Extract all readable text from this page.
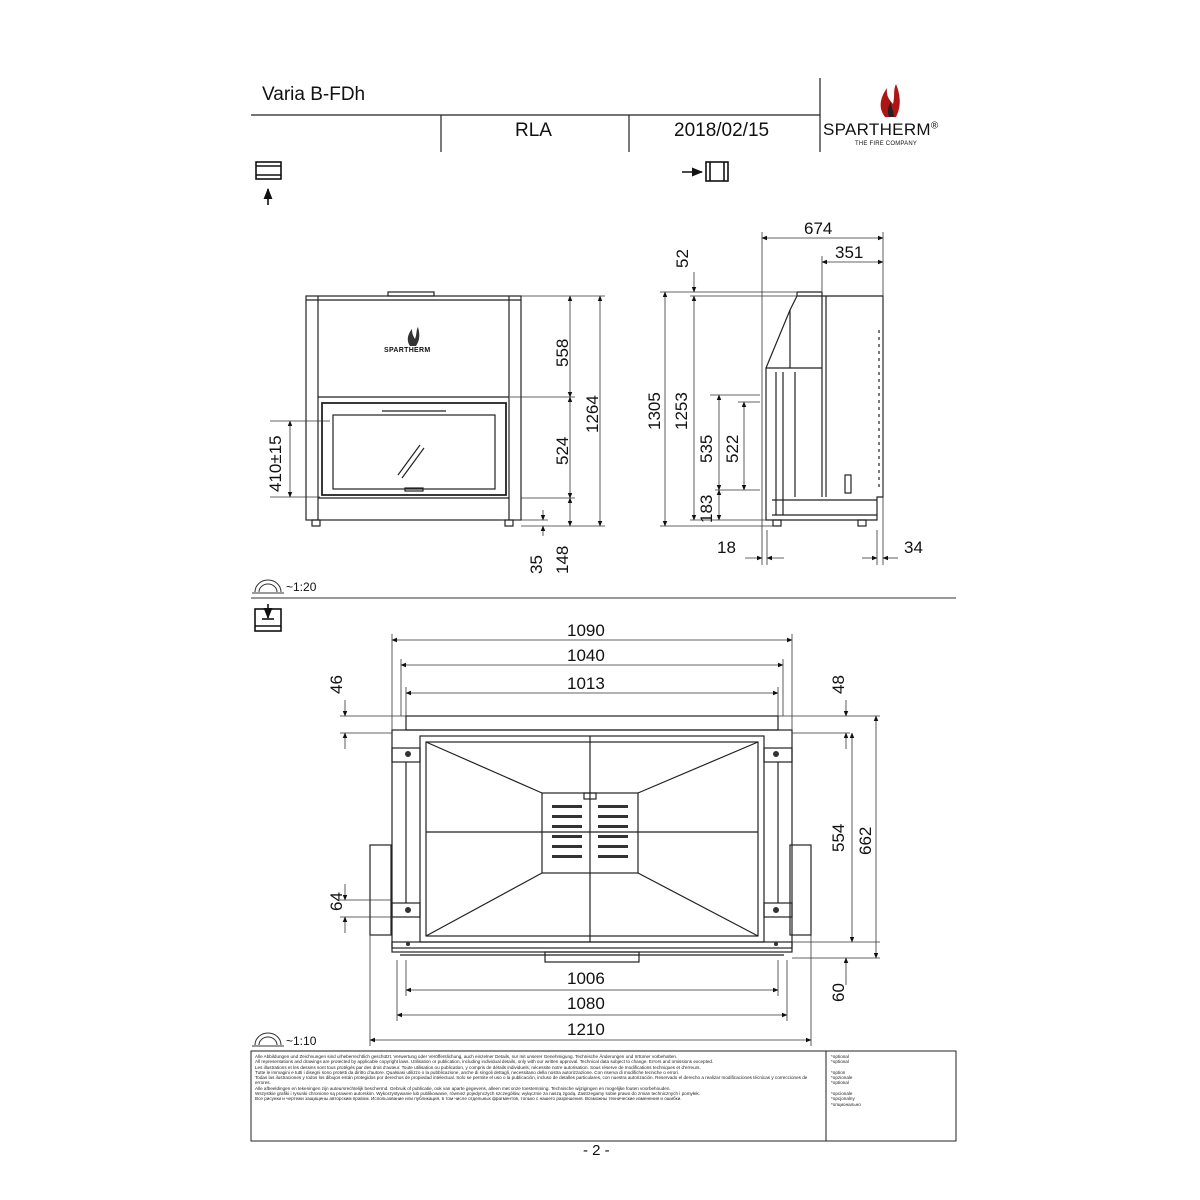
Varia B-FDh
RLA	2018/02/15	SPARTHERM®
THE FIRE COMPANY
SPARTHERM	558
1264
524
410±15
35 148
674
351
52
1305 1253
535 522
183
18	34
~1:20
~1:10
1090
1040
1013
46	48
554 662
64
1006
1080
60
1210
Alle Abbildungen und Zeichnungen sind urheberrechtlich geschützt. Verwertung oder Veröffentlichung, auch einzelner Details, nur mit unserer Genehmigung. Technische Änderungen und Irrtümer vorbehalten.
All representations and drawings are protected by applicable copyright laws. Utilisation or publication, including individual details, only with our written approval. Technical data subject to change. Errors and omissions excepted.
Les illustrations et les dessins sont tous protégés par des droit d'auteur. Toute utilisation ou publication, y compris de détails individuels, nécessite notre autorisation. Sous réserve de modifications techniques et d'erreurs.
Tutte le immagini e tutti i disegni sono protetti da diritto d'autore. Qualsiasi utilizzo o la pubblicazione, anche di singoli dettagli, necessitano della nostra autorizzazione. Con riserva di modifiche tecniche o errori.
Todas las ilustraciones y todos los dibujos están protegidos por derechos de propiedad intelectual. Solo se permite el uso o la publicación, incluso de detalles particulares, con nuestra autorización. Reservado el derecho a realizar modificaciones técnicas y correcciones de errores.
Alle afbeeldingen en tekeningen zijn auteursrechtelijk beschermd. Gebruik of publicatie, ook van aparte gegevens, alleen met onze toestemming. Technische wijzigingen en mogelijke fouten voorbehouden.
Wszystkie grafiki i rysunki chronione są prawem autorskim. Wykorzystywanie lub publikowanie, również pojedynczych szczegółów, wyłącznie za naszą zgodą. Zastrzegamy sobie prawo do zmian technicznych i pomyłek.
Все рисунки и чертежи защищены авторским правом. Использование или публикация, в том числе отдельных фрагментов, только с нашего разрешения. Возможны технические изменения и ошибки.
*optional
*optional

*option
*opzionale
*optional

*opcionale
*opcjonalny
*опционально
- 2 -
